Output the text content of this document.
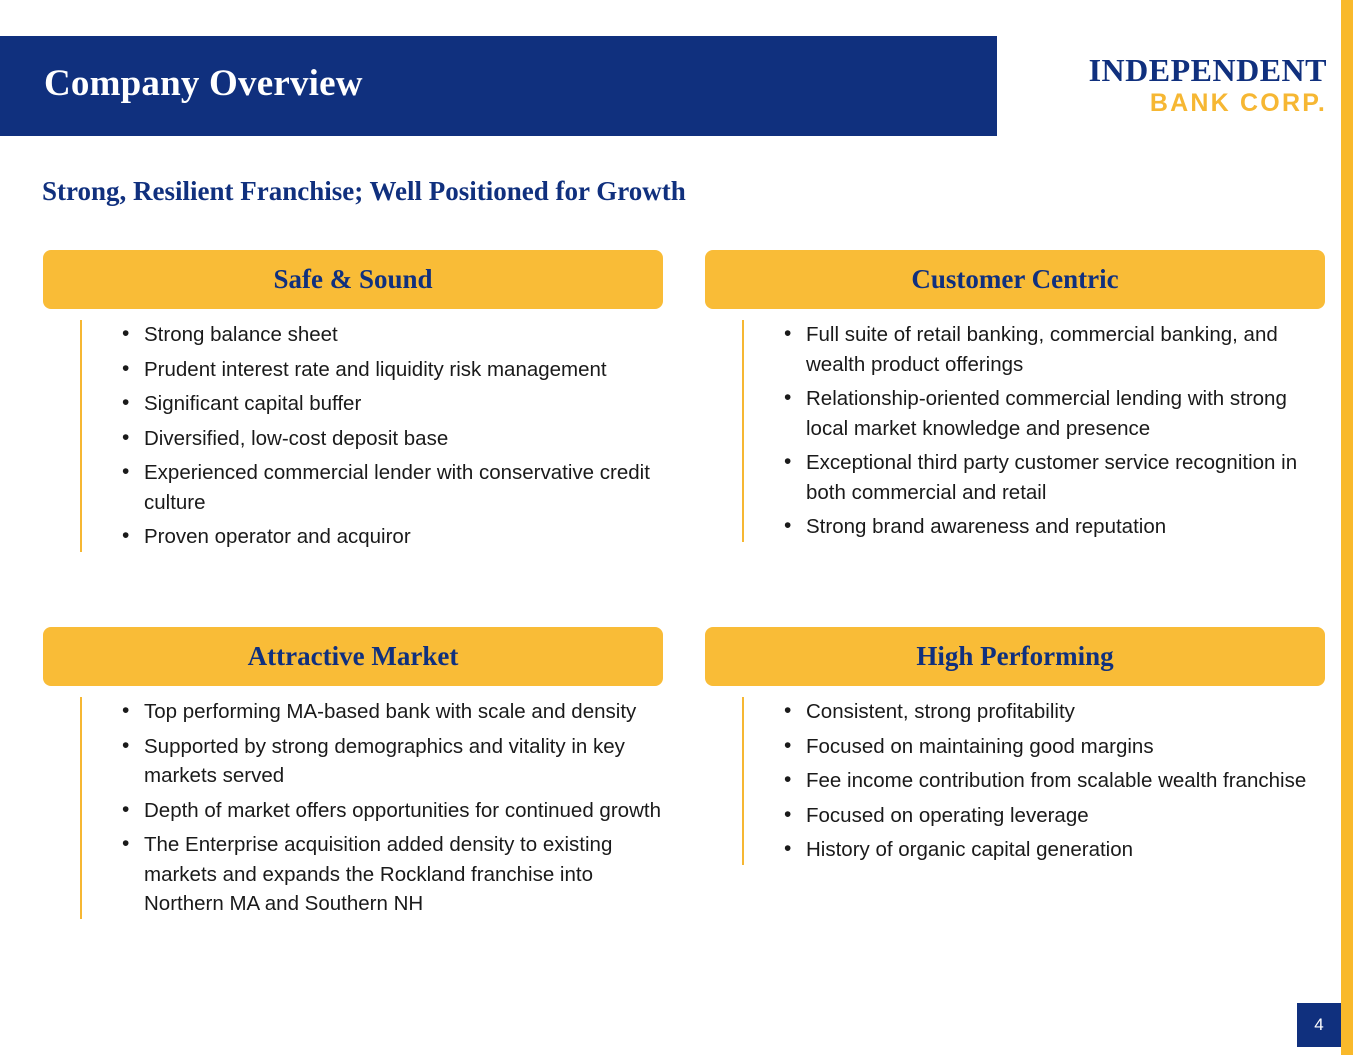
Company Overview	INDEPENDENT
BANK CORP.
Strong, Resilient Franchise; Well Positioned for Growth
Safe & Sound
• Strong balance sheet
• Prudent interest rate and liquidity risk management
• Significant capital buffer
• Diversified, low-cost deposit base
• Experienced commercial lender with conservative credit culture
• Proven operator and acquiror
Customer Centric
• Full suite of retail banking, commercial banking, and wealth product offerings
• Relationship-oriented commercial lending with strong local market knowledge and presence
• Exceptional third party customer service recognition in both commercial and retail
• Strong brand awareness and reputation
Attractive Market
• Top performing MA-based bank with scale and density
• Supported by strong demographics and vitality in key markets served
• Depth of market offers opportunities for continued growth
• The Enterprise acquisition added density to existing markets and expands the Rockland franchise into Northern MA and Southern NH
High Performing
• Consistent, strong profitability
• Focused on maintaining good margins
• Fee income contribution from scalable wealth franchise
• Focused on operating leverage
• History of organic capital generation
4
